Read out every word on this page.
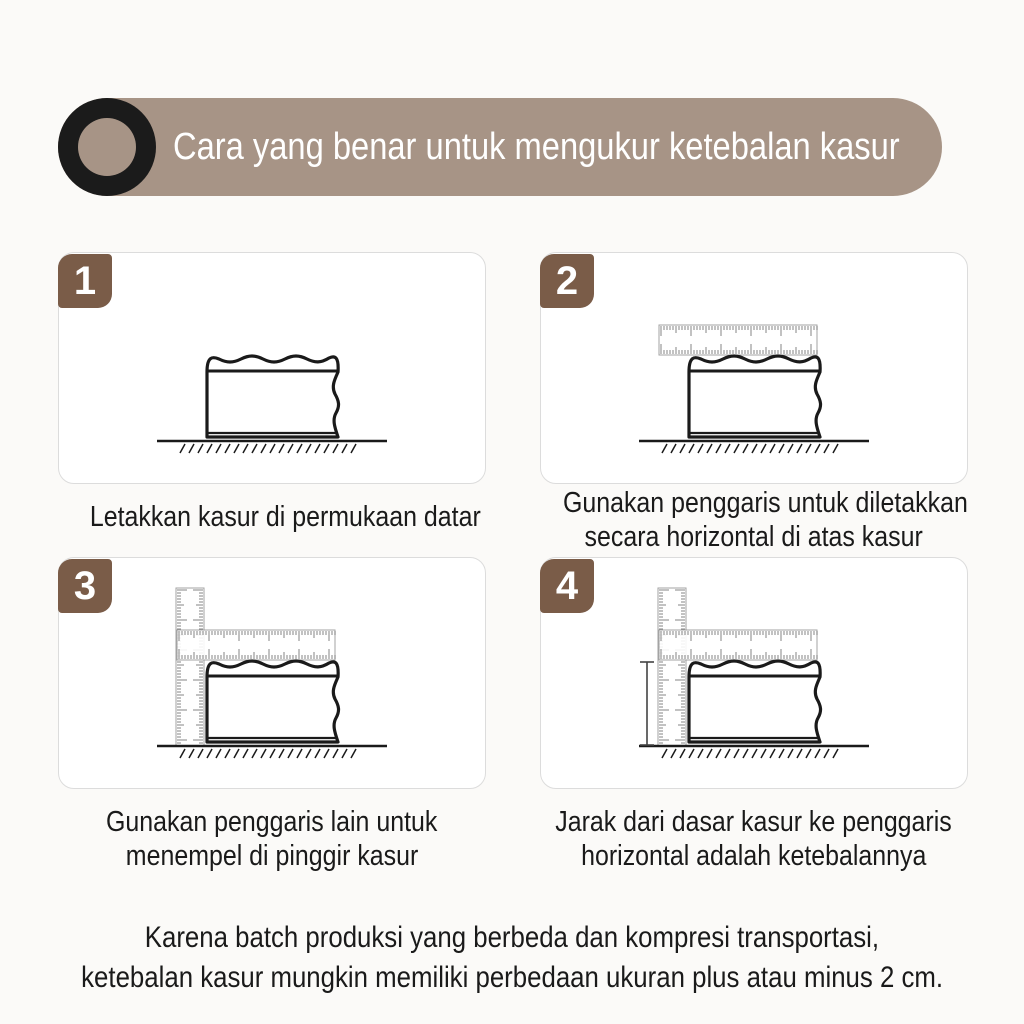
Cara yang benar untuk mengukur ketebalan kasur
1	2
3	4
Letakkan kasur di permukaan datar	Gunakan penggaris untuk diletakkan
secara horizontal di atas kasur
Gunakan penggaris lain untuk
menempel di pinggir kasur
Jarak dari dasar kasur ke penggaris
horizontal adalah ketebalannya
Karena batch produksi yang berbeda dan kompresi transportasi,
ketebalan kasur mungkin memiliki perbedaan ukuran plus atau minus 2 cm.
